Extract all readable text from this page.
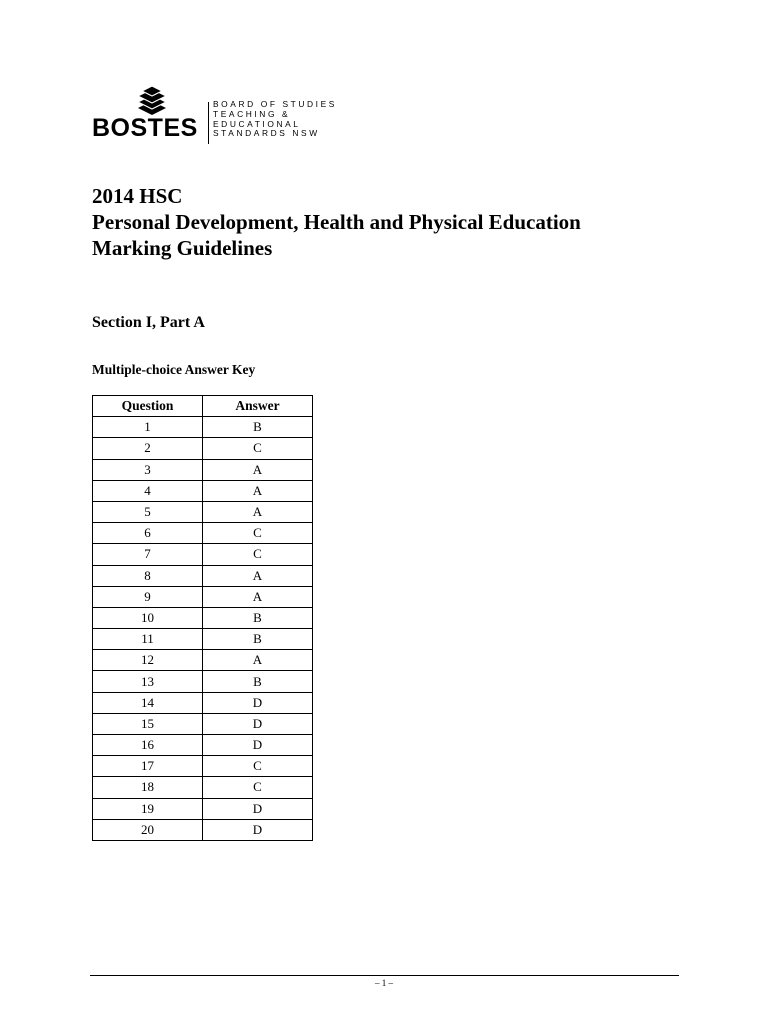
BOSTES
BOARD OF STUDIES
TEACHING &
EDUCATIONAL
STANDARDS NSW
2014 HSC
Personal Development, Health and Physical Education
Marking Guidelines
Section I, Part A
Multiple-choice Answer Key
Question	Answer
1	B
2	C
3	A
4	A
5	A
6	C
7	C
8	A
9	A
10	B
11	B
12	A
13	B
14	D
15	D
16	D
17	C
18	C
19	D
20	D
– 1 –
